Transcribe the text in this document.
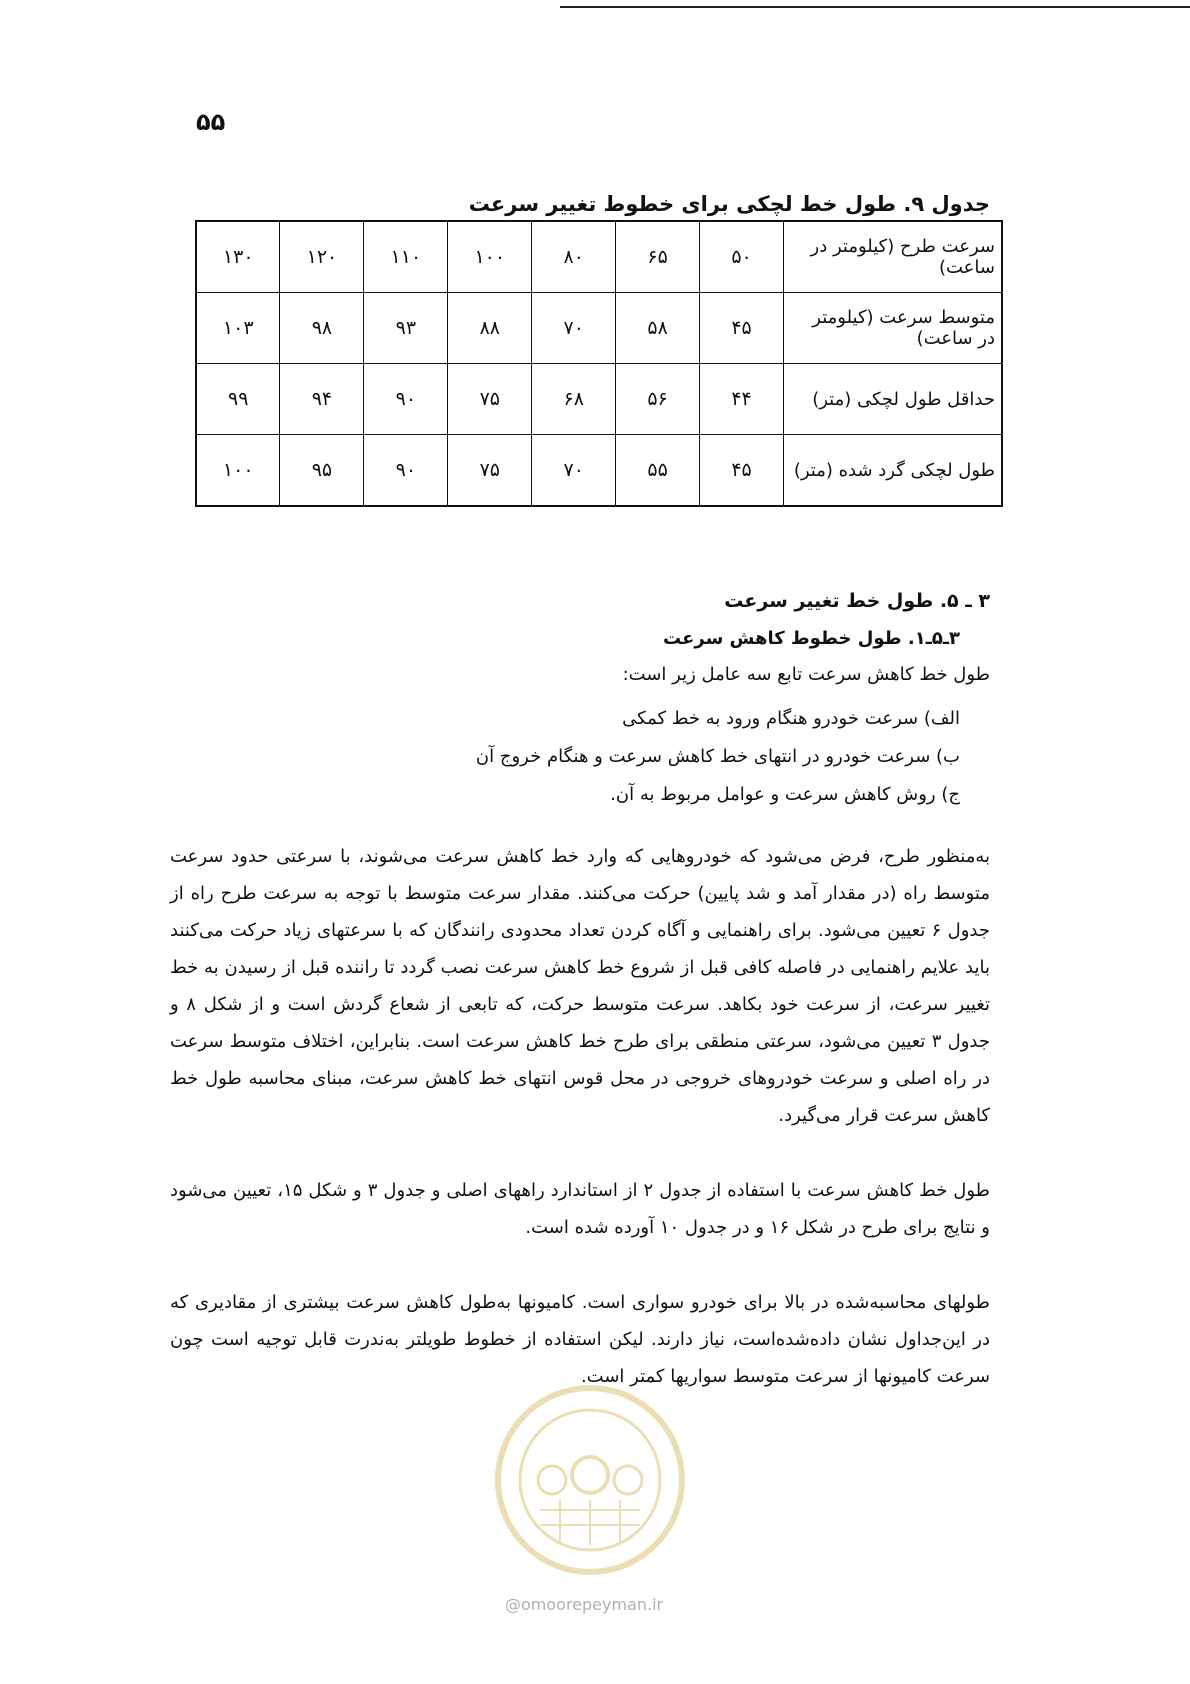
۵۵
جدول ۹. طول خط لچکی برای خطوط تغییر سرعت
سرعت طرح (کیلومتر در ساعت)	۵۰	۶۵	۸۰	۱۰۰	۱۱۰	۱۲۰	۱۳۰
متوسط سرعت (کیلومتر در ساعت)	۴۵	۵۸	۷۰	۸۸	۹۳	۹۸	۱۰۳
حداقل طول لچکی (متر)	۴۴	۵۶	۶۸	۷۵	۹۰	۹۴	۹۹
طول لچکی گرد شده (متر)	۴۵	۵۵	۷۰	۷۵	۹۰	۹۵	۱۰۰
۳ ـ ۵. طول خط تغییر سرعت
۳ـ۵ـ۱. طول خطوط کاهش سرعت
طول خط کاهش سرعت تابع سه عامل زیر است:
الف) سرعت خودرو هنگام ورود به خط کمکی
ب) سرعت خودرو در انتهای خط کاهش سرعت و هنگام خروج آن
ج) روش کاهش سرعت و عوامل مربوط به آن.
به‌منظور طرح، فرض می‌شود که خودروهایی که وارد خط کاهش سرعت می‌شوند، با سرعتی حدود سرعت متوسط راه (در مقدار آمد و شد پایین) حرکت می‌کنند. مقدار سرعت متوسط با توجه به سرعت طرح راه از جدول ۶ تعیین می‌شود. برای راهنمایی و آگاه کردن تعداد محدودی رانندگان که با سرعتهای زیاد حرکت می‌کنند باید علایم راهنمایی در فاصله کافی قبل از شروع خط کاهش سرعت نصب گردد تا راننده قبل از رسیدن به خط تغییر سرعت، از سرعت خود بکاهد. سرعت متوسط حرکت، که تابعی از شعاع گردش است و از شکل ۸ و جدول ۳ تعیین می‌شود، سرعتی منطقی برای طرح خط کاهش سرعت است. بنابراین، اختلاف متوسط سرعت در راه اصلی و سرعت خودروهای خروجی در محل قوس انتهای خط کاهش سرعت، مبنای محاسبه طول خط کاهش سرعت قرار می‌گیرد.
طول خط کاهش سرعت با استفاده از جدول ۲ از استاندارد راههای اصلی و جدول ۳ و شکل ۱۵، تعیین می‌شود و نتایج برای طرح در شکل ۱۶ و در جدول ۱۰ آورده شده است.
طولهای محاسبه‌شده در بالا برای خودرو سواری است. کامیونها به‌طول کاهش سرعت بیشتری از مقادیری که در این‌جداول نشان داده‌شده‌است، نیاز دارند. لیکن استفاده از خطوط طویلتر به‌ندرت قابل توجیه است چون سرعت کامیونها از سرعت متوسط سواریها کمتر است.
@omoorepeyman.ir
